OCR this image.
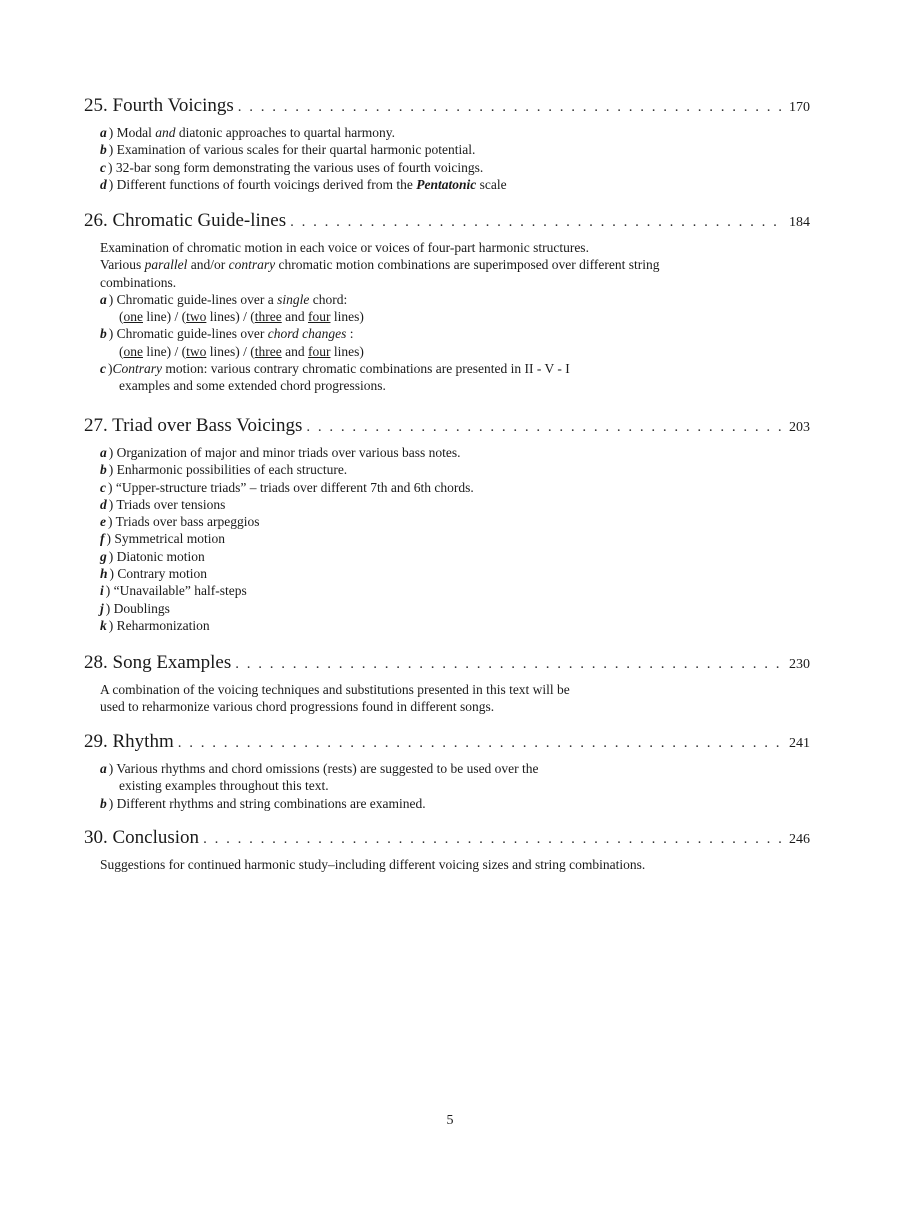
25. Fourth Voicings . . .	170
a ) Modal and diatonic approaches to quartal harmony.
b ) Examination of various scales for their quartal harmonic potential.
c ) 32-bar song form demonstrating the various uses of fourth voicings.
d ) Different functions of fourth voicings derived from the Pentatonic scale
26. Chromatic Guide-lines . . .	184
Examination of chromatic motion in each voice or voices of four-part harmonic structures.
Various parallel and/or contrary chromatic motion combinations are superimposed over different string
combinations.
a ) Chromatic guide-lines over a single chord:
(one line) / (two lines) / (three and four lines)
b ) Chromatic guide-lines over chord changes :
(one line) / (two lines) / (three and four lines)
c )Contrary motion: various contrary chromatic combinations are presented in II - V - I
examples and some extended chord progressions.
27. Triad over Bass Voicings . . .	203
a ) Organization of major and minor triads over various bass notes.
b ) Enharmonic possibilities of each structure.
c ) “Upper-structure triads” – triads over different 7th and 6th chords.
d ) Triads over tensions
e ) Triads over bass arpeggios
f ) Symmetrical motion
g ) Diatonic motion
h ) Contrary motion
i ) “Unavailable” half-steps
j ) Doublings
k ) Reharmonization
28. Song Examples . . .	230
A combination of the voicing techniques and substitutions presented in this text will be
used to reharmonize various chord progressions found in different songs.
29. Rhythm . . .	241
a ) Various rhythms and chord omissions (rests) are suggested to be used over the
existing examples throughout this text.
b ) Different rhythms and string combinations are examined.
30. Conclusion . . .	246
Suggestions for continued harmonic study–including different voicing sizes and string combinations.
5
